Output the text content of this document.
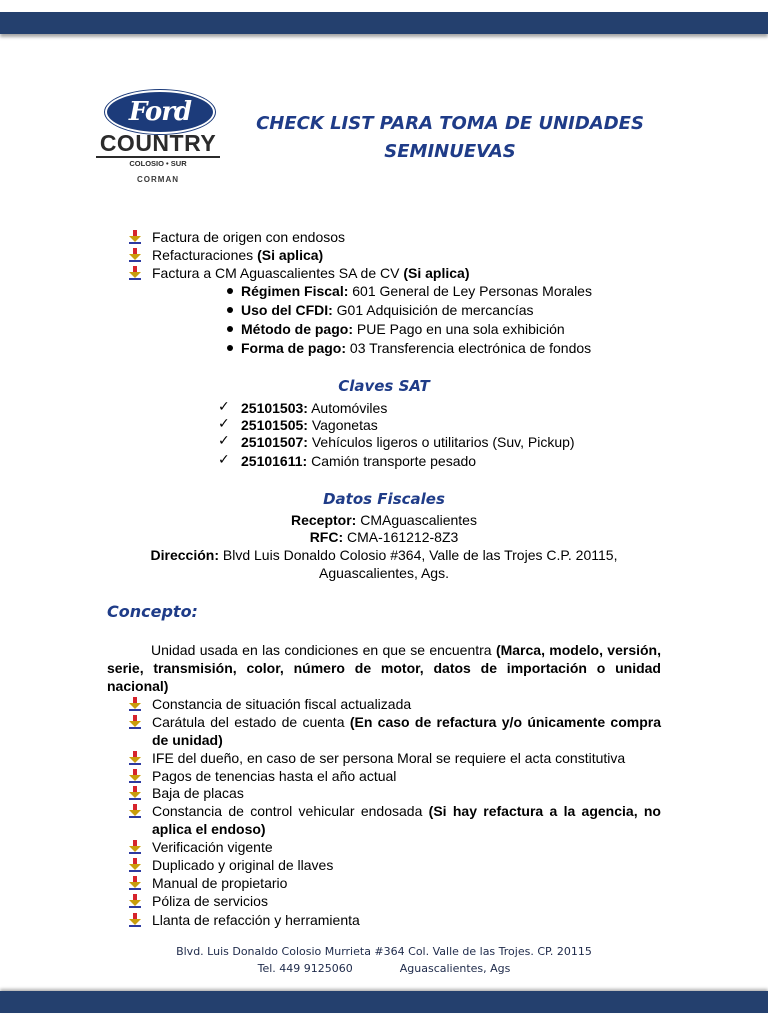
Ford
COUNTRY
COLOSIO • SUR
CORMAN
CHECK LIST PARA TOMA DE UNIDADES
SEMINUEVAS
Factura de origen con endosos
Refacturaciones (Si aplica)
Factura a CM Aguascalientes SA de CV (Si aplica)
Régimen Fiscal: 601 General de Ley Personas Morales
Uso del CFDI: G01 Adquisición de mercancías
Método de pago: PUE Pago en una sola exhibición
Forma de pago: 03 Transferencia electrónica de fondos
Claves SAT
✓ 25101503: Automóviles
✓ 25101505: Vagonetas
✓ 25101507: Vehículos ligeros o utilitarios (Suv, Pickup)
✓ 25101611: Camión transporte pesado
Datos Fiscales
Receptor: CMAguascalientes
RFC: CMA-161212-8Z3
Dirección: Blvd Luis Donaldo Colosio #364, Valle de las Trojes C.P. 20115,
Aguascalientes, Ags.
Concepto:
Unidad usada en las condiciones en que se encuentra (Marca, modelo, versión, serie, transmisión, color, número de motor, datos de importación o unidad nacional)
Constancia de situación fiscal actualizada
Carátula del estado de cuenta (En caso de refactura y/o únicamente compra de unidad)
IFE del dueño, en caso de ser persona Moral se requiere el acta constitutiva
Pagos de tenencias hasta el año actual
Baja de placas
Constancia de control vehicular endosada (Si hay refactura a la agencia, no aplica el endoso)
Verificación vigente
Duplicado y original de llaves
Manual de propietario
Póliza de servicios
Llanta de refacción y herramienta
Blvd. Luis Donaldo Colosio Murrieta #364 Col. Valle de las Trojes. CP. 20115
Tel. 449 9125060	Aguascalientes, Ags
